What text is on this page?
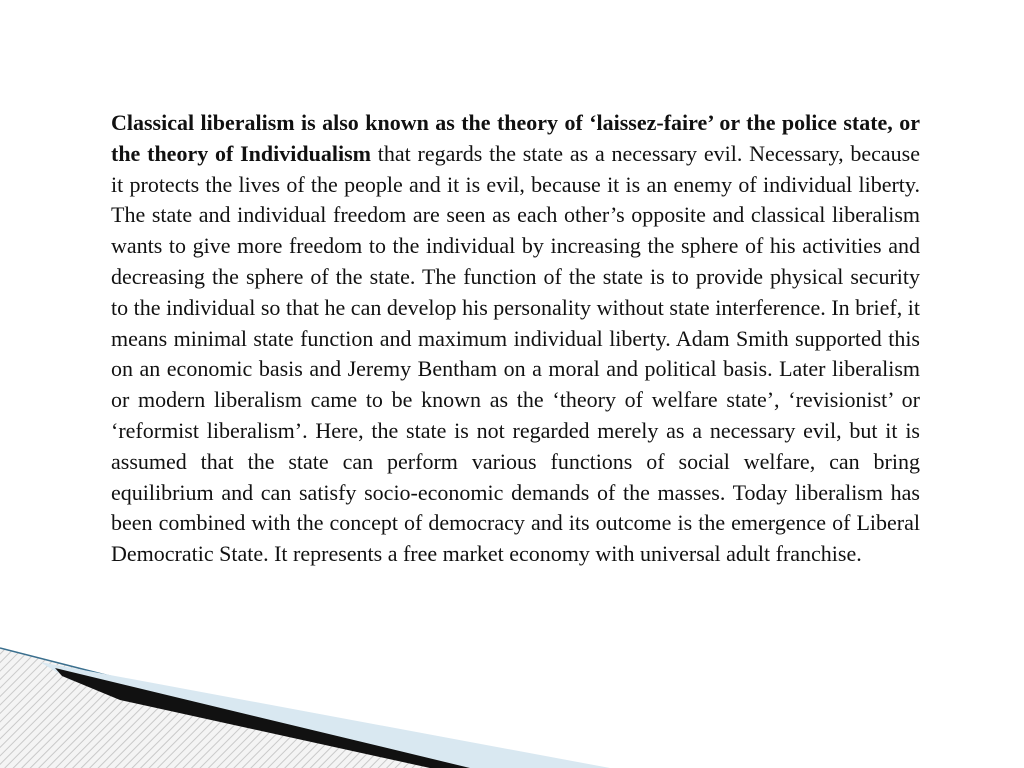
Classical liberalism is also known as the theory of ‘laissez-faire’ or the police state, or the theory of Individualism that regards the state as a necessary evil. Necessary, because it protects the lives of the people and it is evil, because it is an enemy of individual liberty. The state and individual freedom are seen as each other’s opposite and classical liberalism wants to give more freedom to the individual by increasing the sphere of his activities and decreasing the sphere of the state. The function of the state is to provide physical security to the individual so that he can develop his personality without state interference. In brief, it means minimal state function and maximum individual liberty. Adam Smith supported this on an economic basis and Jeremy Bentham on a moral and political basis. Later liberalism or modern liberalism came to be known as the ‘theory of welfare state’, ‘revisionist’ or ‘reformist liberalism’. Here, the state is not regarded merely as a necessary evil, but it is assumed that the state can perform various functions of social welfare, can bring equilibrium and can satisfy socio-economic demands of the masses. Today liberalism has been combined with the concept of democracy and its outcome is the emergence of Liberal Democratic State. It represents a free market economy with universal adult franchise.
